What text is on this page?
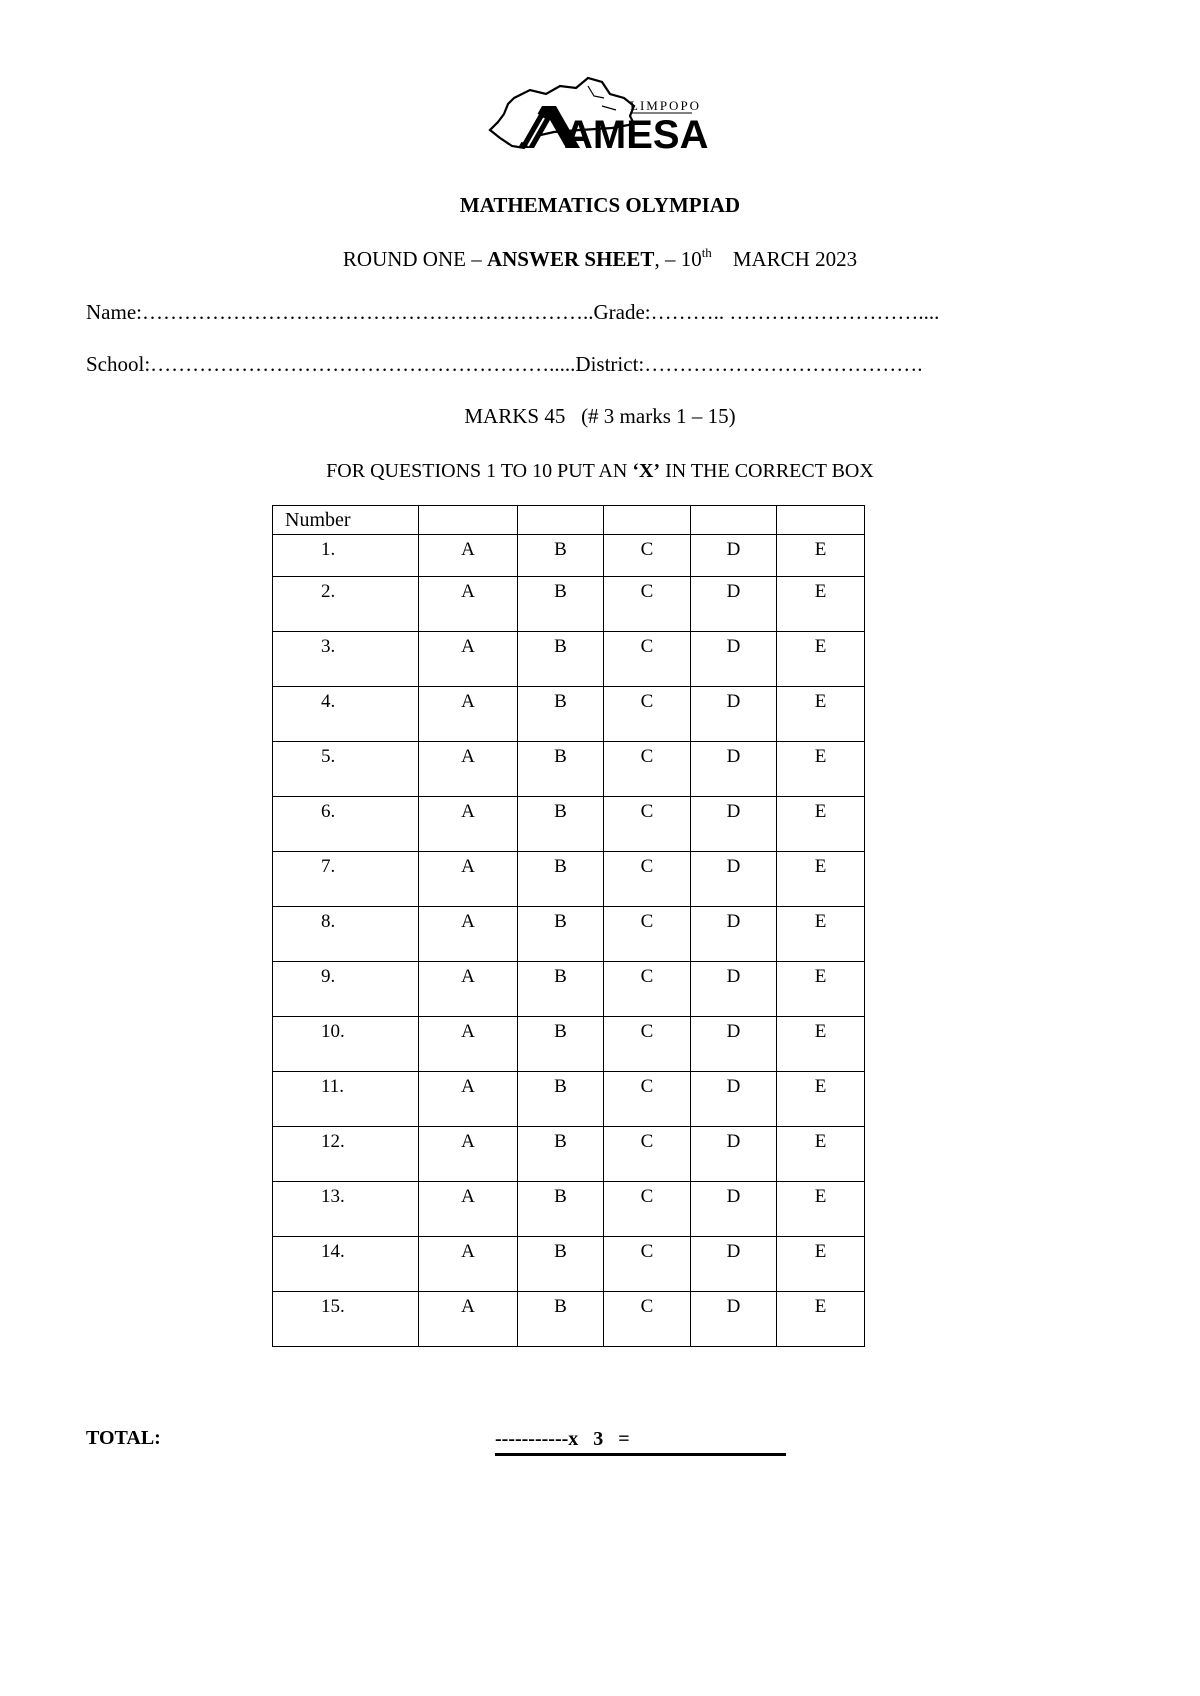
LIMPOPO
AMESA
MATHEMATICS OLYMPIAD
ROUND ONE – ANSWER SHEET, – 10th    MARCH 2023
Name:………………………………………………………..Grade:……….. ………………………....
School:………………………………………………….....District:………………………………….
MARKS 45   (# 3 marks 1 – 15)
FOR QUESTIONS 1 TO 10 PUT AN ‘X’ IN THE CORRECT BOX
Number					
1.	A	B	C	D	E
2.	A	B	C	D	E
3.	A	B	C	D	E
4.	A	B	C	D	E
5.	A	B	C	D	E
6.	A	B	C	D	E
7.	A	B	C	D	E
8.	A	B	C	D	E
9.	A	B	C	D	E
10.	A	B	C	D	E
11.	A	B	C	D	E
12.	A	B	C	D	E
13.	A	B	C	D	E
14.	A	B	C	D	E
15.	A	B	C	D	E
TOTAL:	-----------x   3   =
